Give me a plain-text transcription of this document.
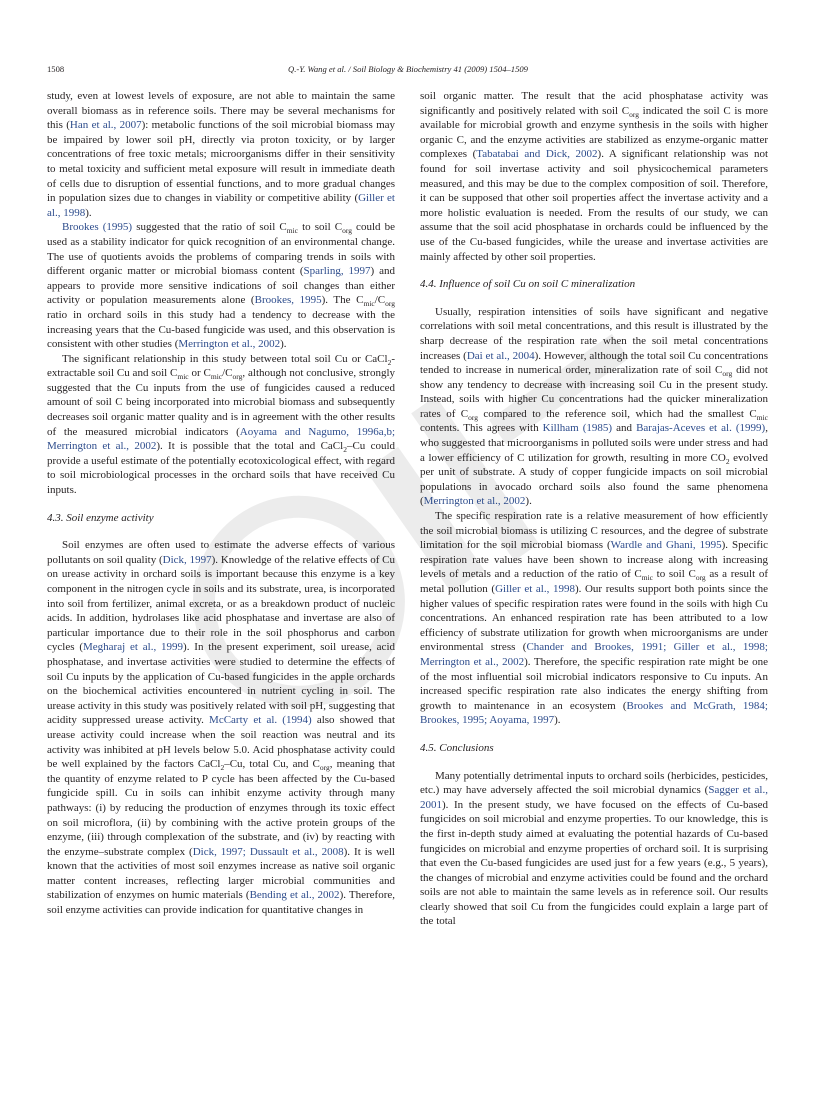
1508	Q.-Y. Wang et al. / Soil Biology & Biochemistry 41 (2009) 1504–1509

study, even at lowest levels of exposure, are not able to maintain the same overall biomass as in reference soils. There may be several mechanisms for this (Han et al., 2007): metabolic functions of the soil microbial biomass may be impaired by lower soil pH, directly via proton toxicity, or by larger concentrations of free toxic metals; microorganisms differ in their sensitivity to metal toxicity and sufficient metal exposure will result in immediate death of cells due to disruption of essential functions, and to more gradual changes in population sizes due to changes in viability or competitive ability (Giller et al., 1998).

Brookes (1995) suggested that the ratio of soil $C_{mic}$ to soil $C_{org}$ could be used as a stability indicator for quick recognition of an environmental change. The use of quotients avoids the problems of comparing trends in soils with different organic matter or microbial biomass content (Sparling, 1997) and appears to provide more sensitive indications of soil changes than either activity or population measurements alone (Brookes, 1995). The $C_{mic}/C_{org}$ ratio in orchard soils in this study had a tendency to decrease with the increasing years that the Cu-based fungicide was used, and this observation is consistent with other studies (Merrington et al., 2002).

The significant relationship in this study between total soil Cu or CaCl$_2$-extractable soil Cu and soil $C_{mic}$ or $C_{mic}/C_{org}$, although not conclusive, strongly suggested that the Cu inputs from the use of fungicides caused a reduced amount of soil C being incorporated into microbial biomass and subsequently decreases soil organic matter quality and is in agreement with the other results of the measured microbial indicators (Aoyama and Nagumo, 1996a,b; Merrington et al., 2002). It is possible that the total and CaCl$_2$–Cu could provide a useful estimate of the potentially ecotoxicological effect, with regard to soil microbiological processes in the orchard soils that have received Cu inputs.

4.3. Soil enzyme activity

Soil enzymes are often used to estimate the adverse effects of various pollutants on soil quality (Dick, 1997). Knowledge of the relative effects of Cu on urease activity in orchard soils is important because this enzyme is a key component in the nitrogen cycle in soils and its substrate, urea, is incorporated into soil from fertilizer, animal excreta, or as a breakdown product of nucleic acids. In addition, hydrolases like acid phosphatase and invertase are also of particular importance due to their role in the soil phosphorus and carbon cycles (Megharaj et al., 1999). In the present experiment, soil urease, acid phosphatase, and invertase activities were studied to determine the effects of soil Cu inputs by the application of Cu-based fungicides in the apple orchards on the biochemical activities encountered in nutrient cycling in soil. The urease activity in this study was positively related with soil pH, suggesting that acidity suppressed urease activity. McCarty et al. (1994) also showed that urease activity could increase when the soil reaction was neutral and its activity was inhibited at pH levels below 5.0. Acid phosphatase activity could be well explained by the factors CaCl$_2$–Cu, total Cu, and $C_{org}$, meaning that the quantity of enzyme related to P cycle has been affected by the Cu-based fungicide spill. Cu in soils can inhibit enzyme activity through many pathways: (i) by reducing the production of enzymes through its toxic effect on soil microflora, (ii) by combining with the active protein groups of the enzyme, (iii) through complexation of the substrate, and (iv) by reacting with the enzyme–substrate complex (Dick, 1997; Dussault et al., 2008). It is well known that the activities of most soil enzymes increase as native soil organic matter content increases, reflecting larger microbial communities and stabilization of enzymes on humic materials (Bending et al., 2002). Therefore, soil enzyme activities can provide indication for quantitative changes in

soil organic matter. The result that the acid phosphatase activity was significantly and positively related with soil $C_{org}$ indicated the soil C is more available for microbial growth and enzyme synthesis in the soils with higher organic C, and the enzyme activities are stabilized as enzyme-organic matter complexes (Tabatabai and Dick, 2002). A significant relationship was not found for soil invertase activity and soil physicochemical parameters measured, and this may be due to the complex composition of soil. Therefore, it can be supposed that other soil properties affect the invertase activity and a more holistic evaluation is needed. From the results of our study, we can assume that the soil acid phosphatase in orchards could be influenced by the use of the Cu-based fungicides, while the urease and invertase activities are mainly affected by other soil properties.

4.4. Influence of soil Cu on soil C mineralization

Usually, respiration intensities of soils have significant and negative correlations with soil metal concentrations, and this result is illustrated by the sharp decrease of the respiration rate when the soil metal concentrations increases (Dai et al., 2004). However, although the total soil Cu concentrations tended to increase in numerical order, mineralization rate of soil $C_{org}$ did not show any tendency to decrease with increasing soil Cu in the present study. Instead, soils with higher Cu concentrations had the quicker mineralization rates of $C_{org}$ compared to the reference soil, which had the smallest $C_{mic}$ contents. This agrees with Killham (1985) and Barajas-Aceves et al. (1999), who suggested that microorganisms in polluted soils were under stress and had a lower efficiency of C utilization for growth, resulting in more $CO_2$ evolved per unit of substrate. A study of copper fungicide impacts on soil microbial populations in avocado orchard soils also found the same phenomena (Merrington et al., 2002).

The specific respiration rate is a relative measurement of how efficiently the soil microbial biomass is utilizing C resources, and the degree of substrate limitation for the soil microbial biomass (Wardle and Ghani, 1995). Specific respiration rate values have been shown to increase along with increasing levels of metals and a reduction of the ratio of $C_{mic}$ to soil $C_{org}$ as a result of metal pollution (Giller et al., 1998). Our results support both points since the higher values of specific respiration rates were found in the soils with high Cu concentrations. An enhanced respiration rate has been attributed to a low efficiency of substrate utilization for growth when microorganisms are under environmental stress (Chander and Brookes, 1991; Giller et al., 1998; Merrington et al., 2002). Therefore, the specific respiration rate might be one of the most influential soil microbial indicators responsive to Cu inputs. An increased specific respiration rate also indicates the energy shifting from growth to maintenance in an ecosystem (Brookes and McGrath, 1984; Brookes, 1995; Aoyama, 1997).

4.5. Conclusions

Many potentially detrimental inputs to orchard soils (herbicides, pesticides, etc.) may have adversely affected the soil microbial dynamics (Sagger et al., 2001). In the present study, we have focused on the effects of Cu-based fungicides on soil microbial and enzyme properties. To our knowledge, this is the first in-depth study aimed at evaluating the potential hazards of Cu-based fungicides on microbial and enzyme properties of orchard soil. It is surprising that even the Cu-based fungicides are used just for a few years (e.g., 5 years), the changes of microbial and enzyme activities could be found and the orchard soils are not able to maintain the same levels as in reference soil. Our results clearly showed that soil Cu from the fungicides could explain a large part of the total
